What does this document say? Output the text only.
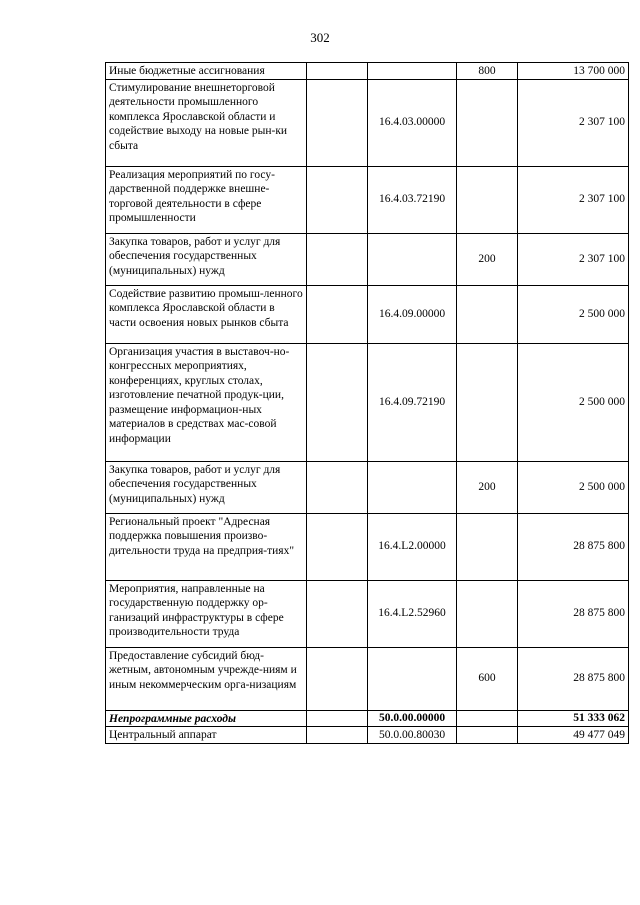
302
Иные бюджетные ассигнования			800	13 700 000
Стимулирование внешнеторговой деятельности промышленного комплекса Ярославской области и содействие выходу на новые рын-ки сбыта		16.4.03.00000		2 307 100
Реализация мероприятий по госу-дарственной поддержке внешне-торговой деятельности в сфере промышленности		16.4.03.72190		2 307 100
Закупка товаров, работ и услуг для обеспечения государственных (муниципальных) нужд			200	2 307 100
Содействие развитию промыш-ленного комплекса Ярославской области в части освоения новых рынков сбыта		16.4.09.00000		2 500 000
Организация участия в выставоч-но-конгрессных мероприятиях, конференциях, круглых столах, изготовление печатной продук-ции, размещение информацион-ных материалов в средствах мас-совой информации		16.4.09.72190		2 500 000
Закупка товаров, работ и услуг для обеспечения государственных (муниципальных) нужд			200	2 500 000
Региональный проект "Адресная поддержка повышения произво-дительности труда на предприя-тиях"		16.4.L2.00000		28 875 800
Мероприятия, направленные на государственную поддержку ор-ганизаций инфраструктуры в сфере производительности труда		16.4.L2.52960		28 875 800
Предоставление субсидий бюд-жетным, автономным учрежде-ниям и иным некоммерческим орга-низациям			600	28 875 800
Непрограммные расходы		50.0.00.00000		51 333 062
Центральный аппарат		50.0.00.80030		49 477 049
